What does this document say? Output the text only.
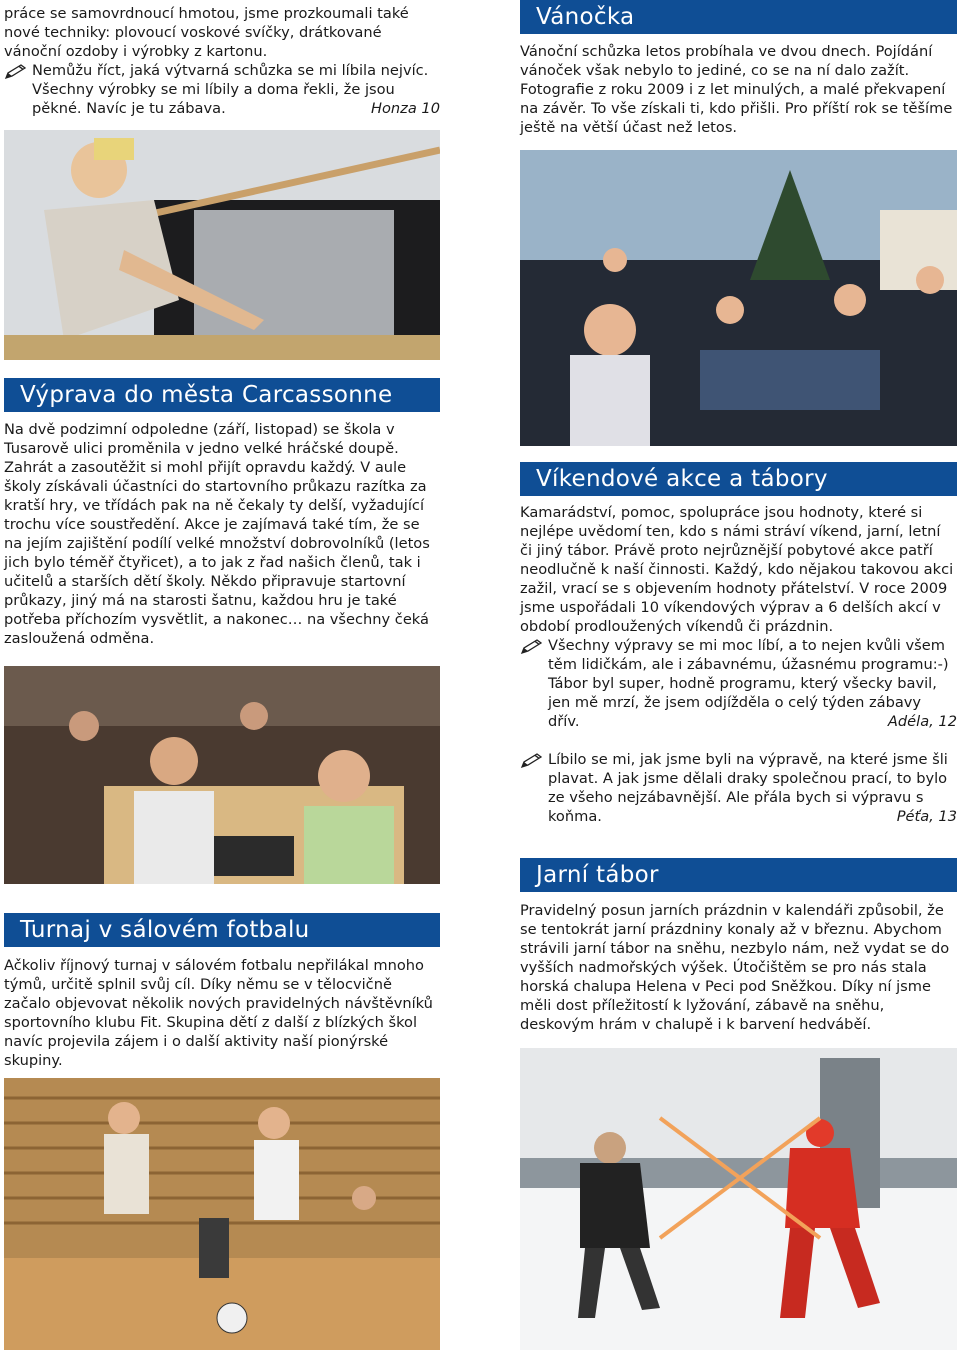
práce se samovrdnoucí hmotou, jsme prozkoumali také nové techniky: plovoucí voskové svíčky, drátkované vánoční ozdoby i výrobky z kartonu.

Nemůžu říct, jaká výtvarná schůzka se mi líbila nejvíc. Všechny výrobky se mi líbily a doma řekli, že jsou pěkné. Navíc je tu zábava.	Honza 10
Výprava do města Carcassonne
Na dvě podzimní odpoledne (září, listopad) se škola v Tusarově ulici proměnila v jedno velké hráčské doupě. Zahrát a zasoutěžit si mohl přijít opravdu každý. V aule školy získávali účastníci do startovního průkazu razítka za kratší hry, ve třídách pak na ně čekaly ty delší, vyžadující trochu více soustředění. Akce je zajímavá také tím, že se na jejím zajištění podílí velké množství dobrovolníků (letos jich bylo téměř čtyřicet), a to jak z řad našich členů, tak i učitelů a starších dětí školy. Někdo připravuje startovní průkazy, jiný má na starosti šatnu, každou hru je také potřeba příchozím vysvětlit, a nakonec… na všechny čeká zasloužená odměna.
Turnaj v sálovém fotbalu
Ačkoliv říjnový turnaj v sálovém fotbalu nepřilákal mnoho týmů, určitě splnil svůj cíl. Díky němu se v tělocvičně začalo objevovat několik nových pravidelných návštěvníků sportovního klubu Fit. Skupina dětí z další z blízkých škol navíc projevila zájem i o další aktivity naší pionýrské skupiny.
Vánočka
Vánoční schůzka letos probíhala ve dvou dnech. Pojídání vánoček však nebylo to jediné, co se na ní dalo zažít. Fotografie z roku 2009 i z let minulých, a malé překvapení na závěr. To vše získali ti, kdo přišli. Pro příští rok se těšíme ještě na větší účast než letos.
Víkendové akce a tábory

Kamarádství, pomoc, spolupráce jsou hodnoty, které si nejlépe uvědomí ten, kdo s námi stráví víkend, jarní, letní či jiný tábor. Právě proto nejrůznější pobytové akce patří neodlučně k naší činnosti. Každý, kdo nějakou takovou akci zažil, vrací se s objevením hodnoty přátelství. V roce 2009 jsme uspořádali 10 víkendových výprav a 6 delších akcí v období prodloužených víkendů či prázdnin.

Všechny výpravy se mi moc líbí, a to nejen kvůli všem těm lidičkám, ale i zábavnému, úžasnému programu:-) Tábor byl super, hodně programu, který všecky bavil, jen mě mrzí, že jsem odjížděla o celý týden zábavy dřív.	Adéla, 12
Líbilo se mi, jak jsme byli na výpravě, na které jsme šli plavat. A jak jsme dělali draky společnou prací, to bylo ze všeho nejzábavnější. Ale přála bych si výpravu s koňma.	Péťa, 13
Jarní tábor
Pravidelný posun jarních prázdnin v kalendáři způsobil, že se tentokrát jarní prázdniny konaly až v březnu. Abychom strávili jarní tábor na sněhu, nezbylo nám, než vydat se do vyšších nadmořských výšek. Útočištěm se pro nás stala horská chalupa Helena v Peci pod Sněžkou. Díky ní jsme měli dost příležitostí k lyžování, zábavě na sněhu, deskovým hrám v chalupě i k barvení hedváběí.
